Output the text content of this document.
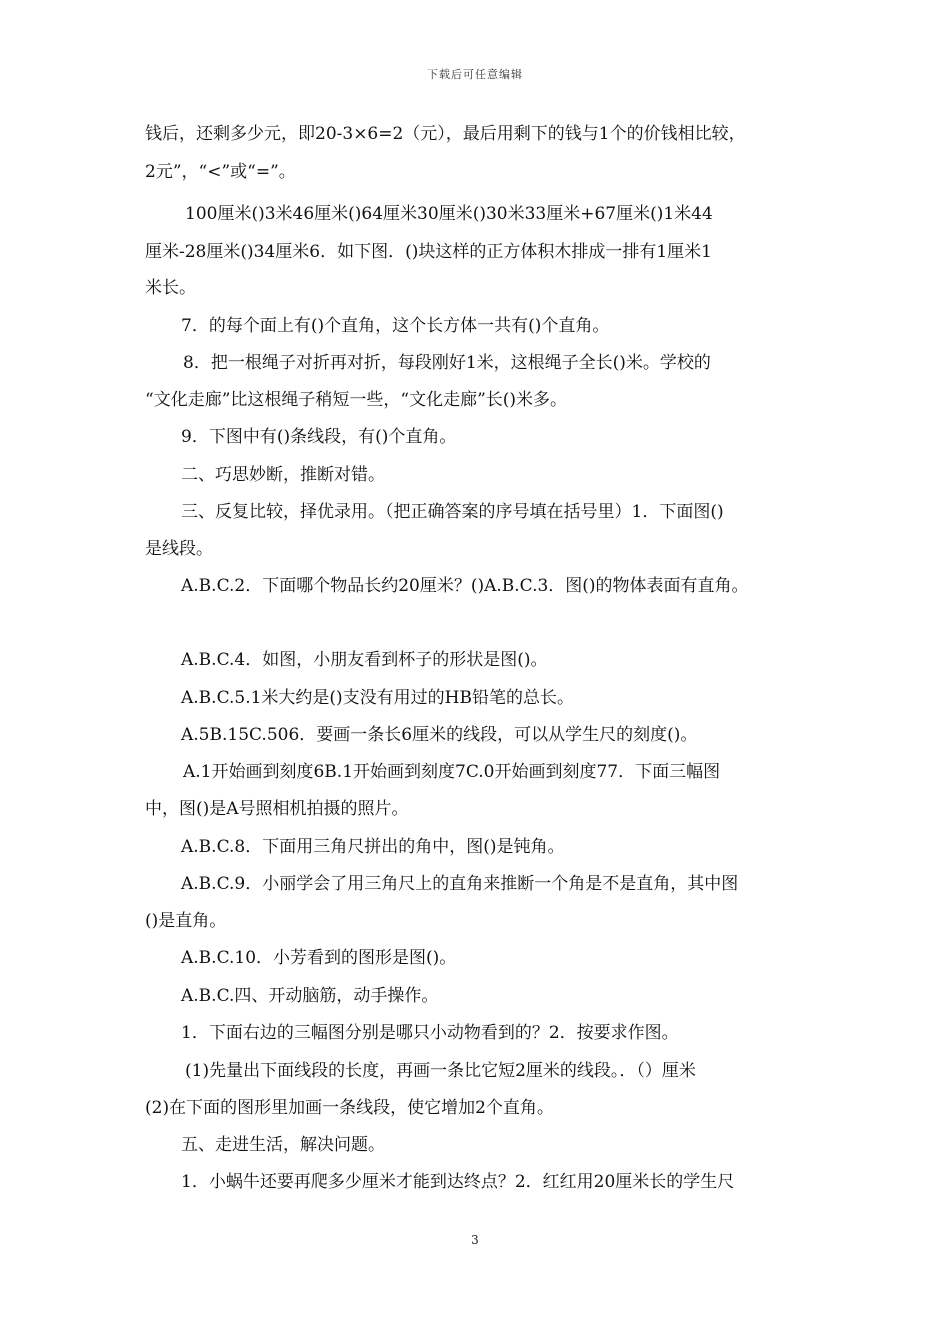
下载后可任意编辑
钱后，还剩多少元，即20-3×6=2（元），最后用剩下的钱与1个的价钱相比较，
2元”，“<”或“=”。
100厘米()3米46厘米()64厘米30厘米()30米33厘米+67厘米()1米44
厘米-28厘米()34厘米6．如下图．()块这样的正方体积木排成一排有1厘米1
米长。
7．的每个面上有()个直角，这个长方体一共有()个直角。
8．把一根绳子对折再对折，每段刚好1米，这根绳子全长()米。学校的
“文化走廊”比这根绳子稍短一些，“文化走廊”长()米多。
9．下图中有()条线段，有()个直角。
二、巧思妙断，推断对错。
三、反复比较，择优录用。（把正确答案的序号填在括号里）1．下面图()
是线段。
A.B.C.2．下面哪个物品长约20厘米？()A.B.C.3．图()的物体表面有直角。
A.B.C.4．如图，小朋友看到杯子的形状是图()。
A.B.C.5.1米大约是()支没有用过的HB铅笔的总长。
A.5B.15C.506．要画一条长6厘米的线段，可以从学生尺的刻度()。
A.1开始画到刻度6B.1开始画到刻度7C.0开始画到刻度77．下面三幅图
中，图()是A号照相机拍摄的照片。
A.B.C.8．下面用三角尺拼出的角中，图()是钝角。
A.B.C.9．小丽学会了用三角尺上的直角来推断一个角是不是直角，其中图
()是直角。
A.B.C.10．小芳看到的图形是图()。
A.B.C.四、开动脑筋，动手操作。
1．下面右边的三幅图分别是哪只小动物看到的？2．按要求作图。
(1)先量出下面线段的长度，再画一条比它短2厘米的线段。．（）厘米
(2)在下面的图形里加画一条线段，使它增加2个直角。
五、走进生活，解决问题。
1．小蜗牛还要再爬多少厘米才能到达终点？2．红红用20厘米长的学生尺
3
